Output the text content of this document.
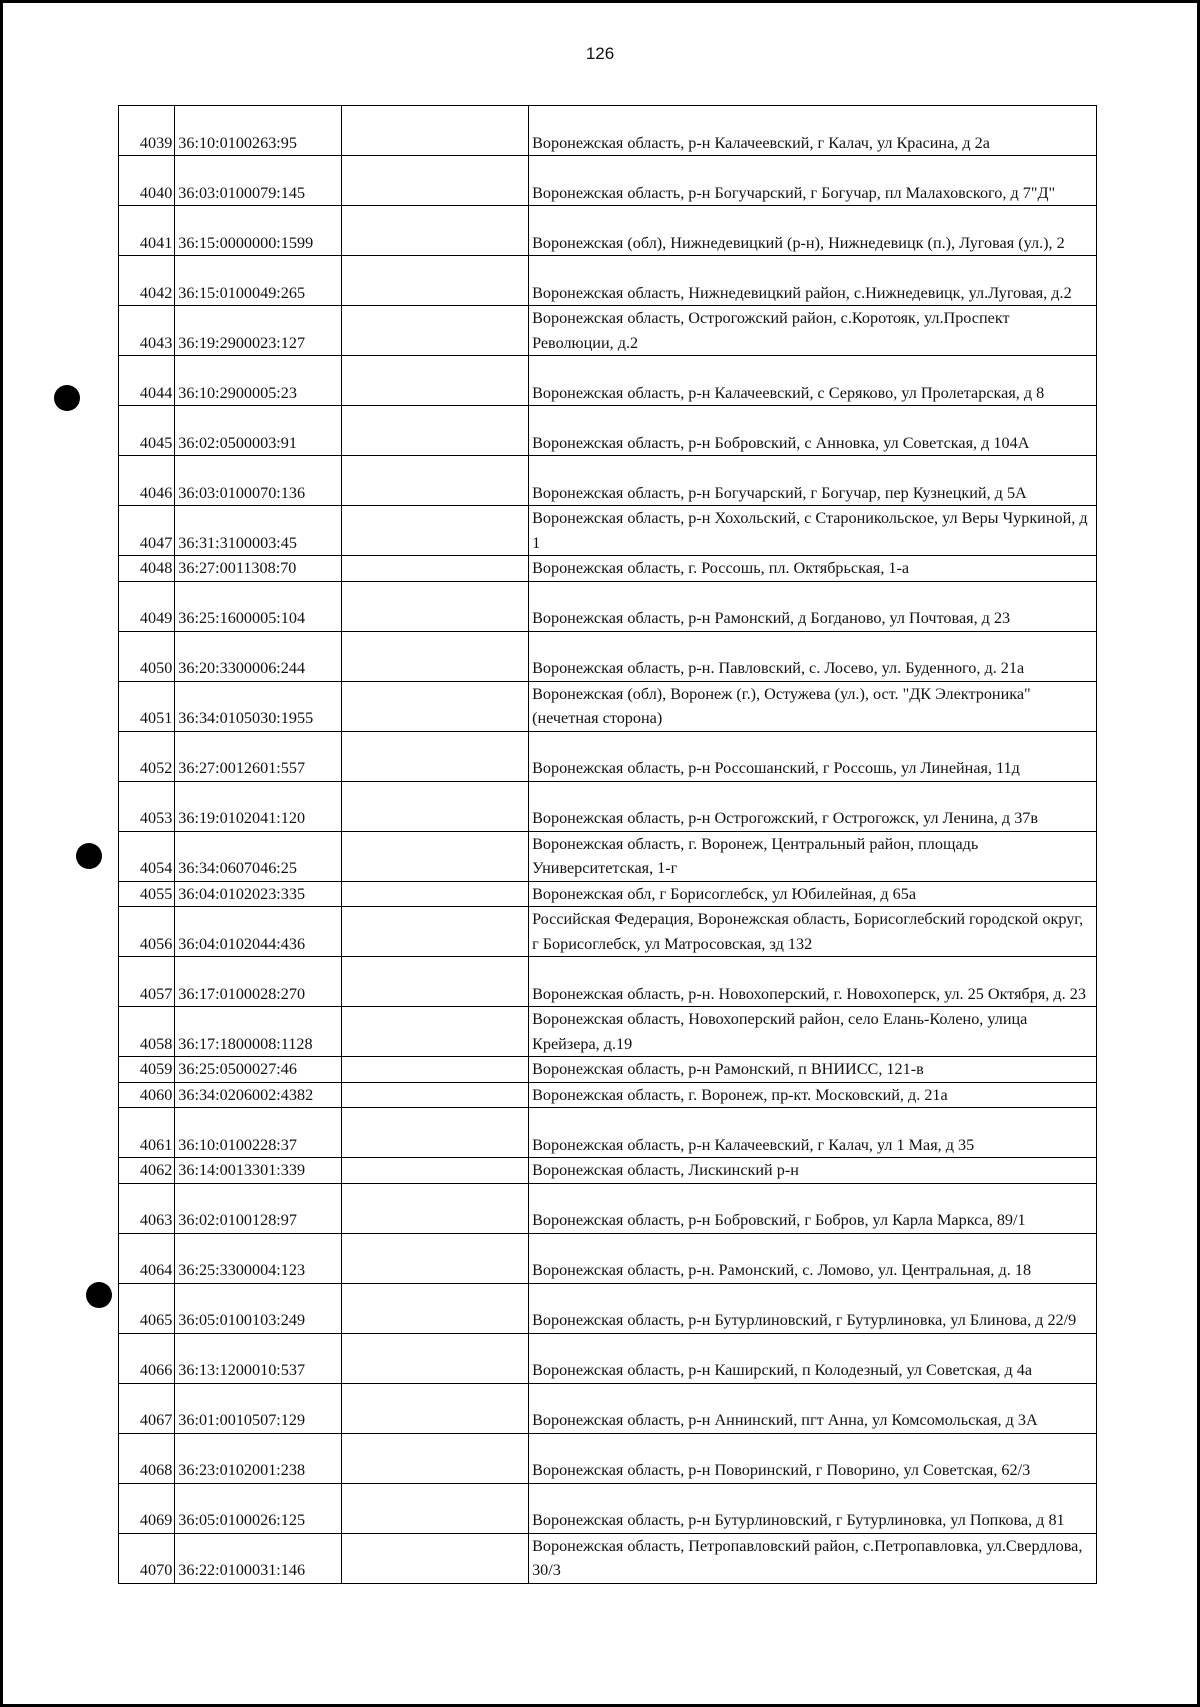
126
4039	36:10:0100263:95		Воронежская область, р-н Калачеевский, г Калач, ул Красина, д 2а
4040	36:03:0100079:145		Воронежская область, р-н Богучарский, г Богучар, пл Малаховского, д 7"Д"
4041	36:15:0000000:1599		Воронежская (обл), Нижнедевицкий (р-н), Нижнедевицк (п.), Луговая (ул.), 2
4042	36:15:0100049:265		Воронежская область, Нижнедевицкий район, с.Нижнедевицк, ул.Луговая, д.2
4043	36:19:2900023:127		Воронежская область, Острогожский район, с.Коротояк, ул.Проспект Революции, д.2
4044	36:10:2900005:23		Воронежская область, р-н Калачеевский, с Серяково, ул Пролетарская, д 8
4045	36:02:0500003:91		Воронежская область, р-н Бобровский, с Анновка, ул Советская, д 104А
4046	36:03:0100070:136		Воронежская область, р-н Богучарский, г Богучар, пер Кузнецкий, д 5А
4047	36:31:3100003:45		Воронежская область, р-н Хохольский, с Староникольское, ул Веры Чуркиной, д 1
4048	36:27:0011308:70		Воронежская область, г. Россошь, пл. Октябрьская, 1-а
4049	36:25:1600005:104		Воронежская область, р-н Рамонский, д Богданово, ул Почтовая, д 23
4050	36:20:3300006:244		Воронежская область, р-н. Павловский, с. Лосево, ул. Буденного, д. 21а
4051	36:34:0105030:1955		Воронежская (обл), Воронеж (г.), Остужева (ул.), ост. "ДК Электроника" (нечетная сторона)
4052	36:27:0012601:557		Воронежская область, р-н Россошанский, г Россошь, ул Линейная, 11д
4053	36:19:0102041:120		Воронежская область, р-н Острогожский, г Острогожск, ул Ленина, д 37в
4054	36:34:0607046:25		Воронежская область, г. Воронеж, Центральный район, площадь Университетская, 1-г
4055	36:04:0102023:335		Воронежская обл, г Борисоглебск, ул Юбилейная, д 65а
4056	36:04:0102044:436		Российская Федерация, Воронежская область, Борисоглебский городской округ, г Борисоглебск, ул Матросовская, зд 132
4057	36:17:0100028:270		Воронежская область, р-н. Новохоперский, г. Новохоперск, ул. 25 Октября, д. 23
4058	36:17:1800008:1128		Воронежская область, Новохоперский район, село Елань-Колено, улица Крейзера, д.19
4059	36:25:0500027:46		Воронежская область, р-н Рамонский, п ВНИИСС, 121-в
4060	36:34:0206002:4382		Воронежская область, г. Воронеж, пр-кт. Московский, д. 21а
4061	36:10:0100228:37		Воронежская область, р-н Калачеевский, г Калач, ул 1 Мая, д 35
4062	36:14:0013301:339		Воронежская область, Лискинский р-н
4063	36:02:0100128:97		Воронежская область, р-н Бобровский, г Бобров, ул Карла Маркса, 89/1
4064	36:25:3300004:123		Воронежская область, р-н. Рамонский, с. Ломово, ул. Центральная, д. 18
4065	36:05:0100103:249		Воронежская область, р-н Бутурлиновский, г Бутурлиновка, ул Блинова, д 22/9
4066	36:13:1200010:537		Воронежская область, р-н Каширский, п Колодезный, ул Советская, д 4а
4067	36:01:0010507:129		Воронежская область, р-н Аннинский, пгт Анна, ул Комсомольская, д 3А
4068	36:23:0102001:238		Воронежская область, р-н Поворинский, г Поворино, ул Советская, 62/3
4069	36:05:0100026:125		Воронежская область, р-н Бутурлиновский, г Бутурлиновка, ул Попкова, д 81
4070	36:22:0100031:146		Воронежская область, Петропавловский район, с.Петропавловка, ул.Свердлова, 30/3
